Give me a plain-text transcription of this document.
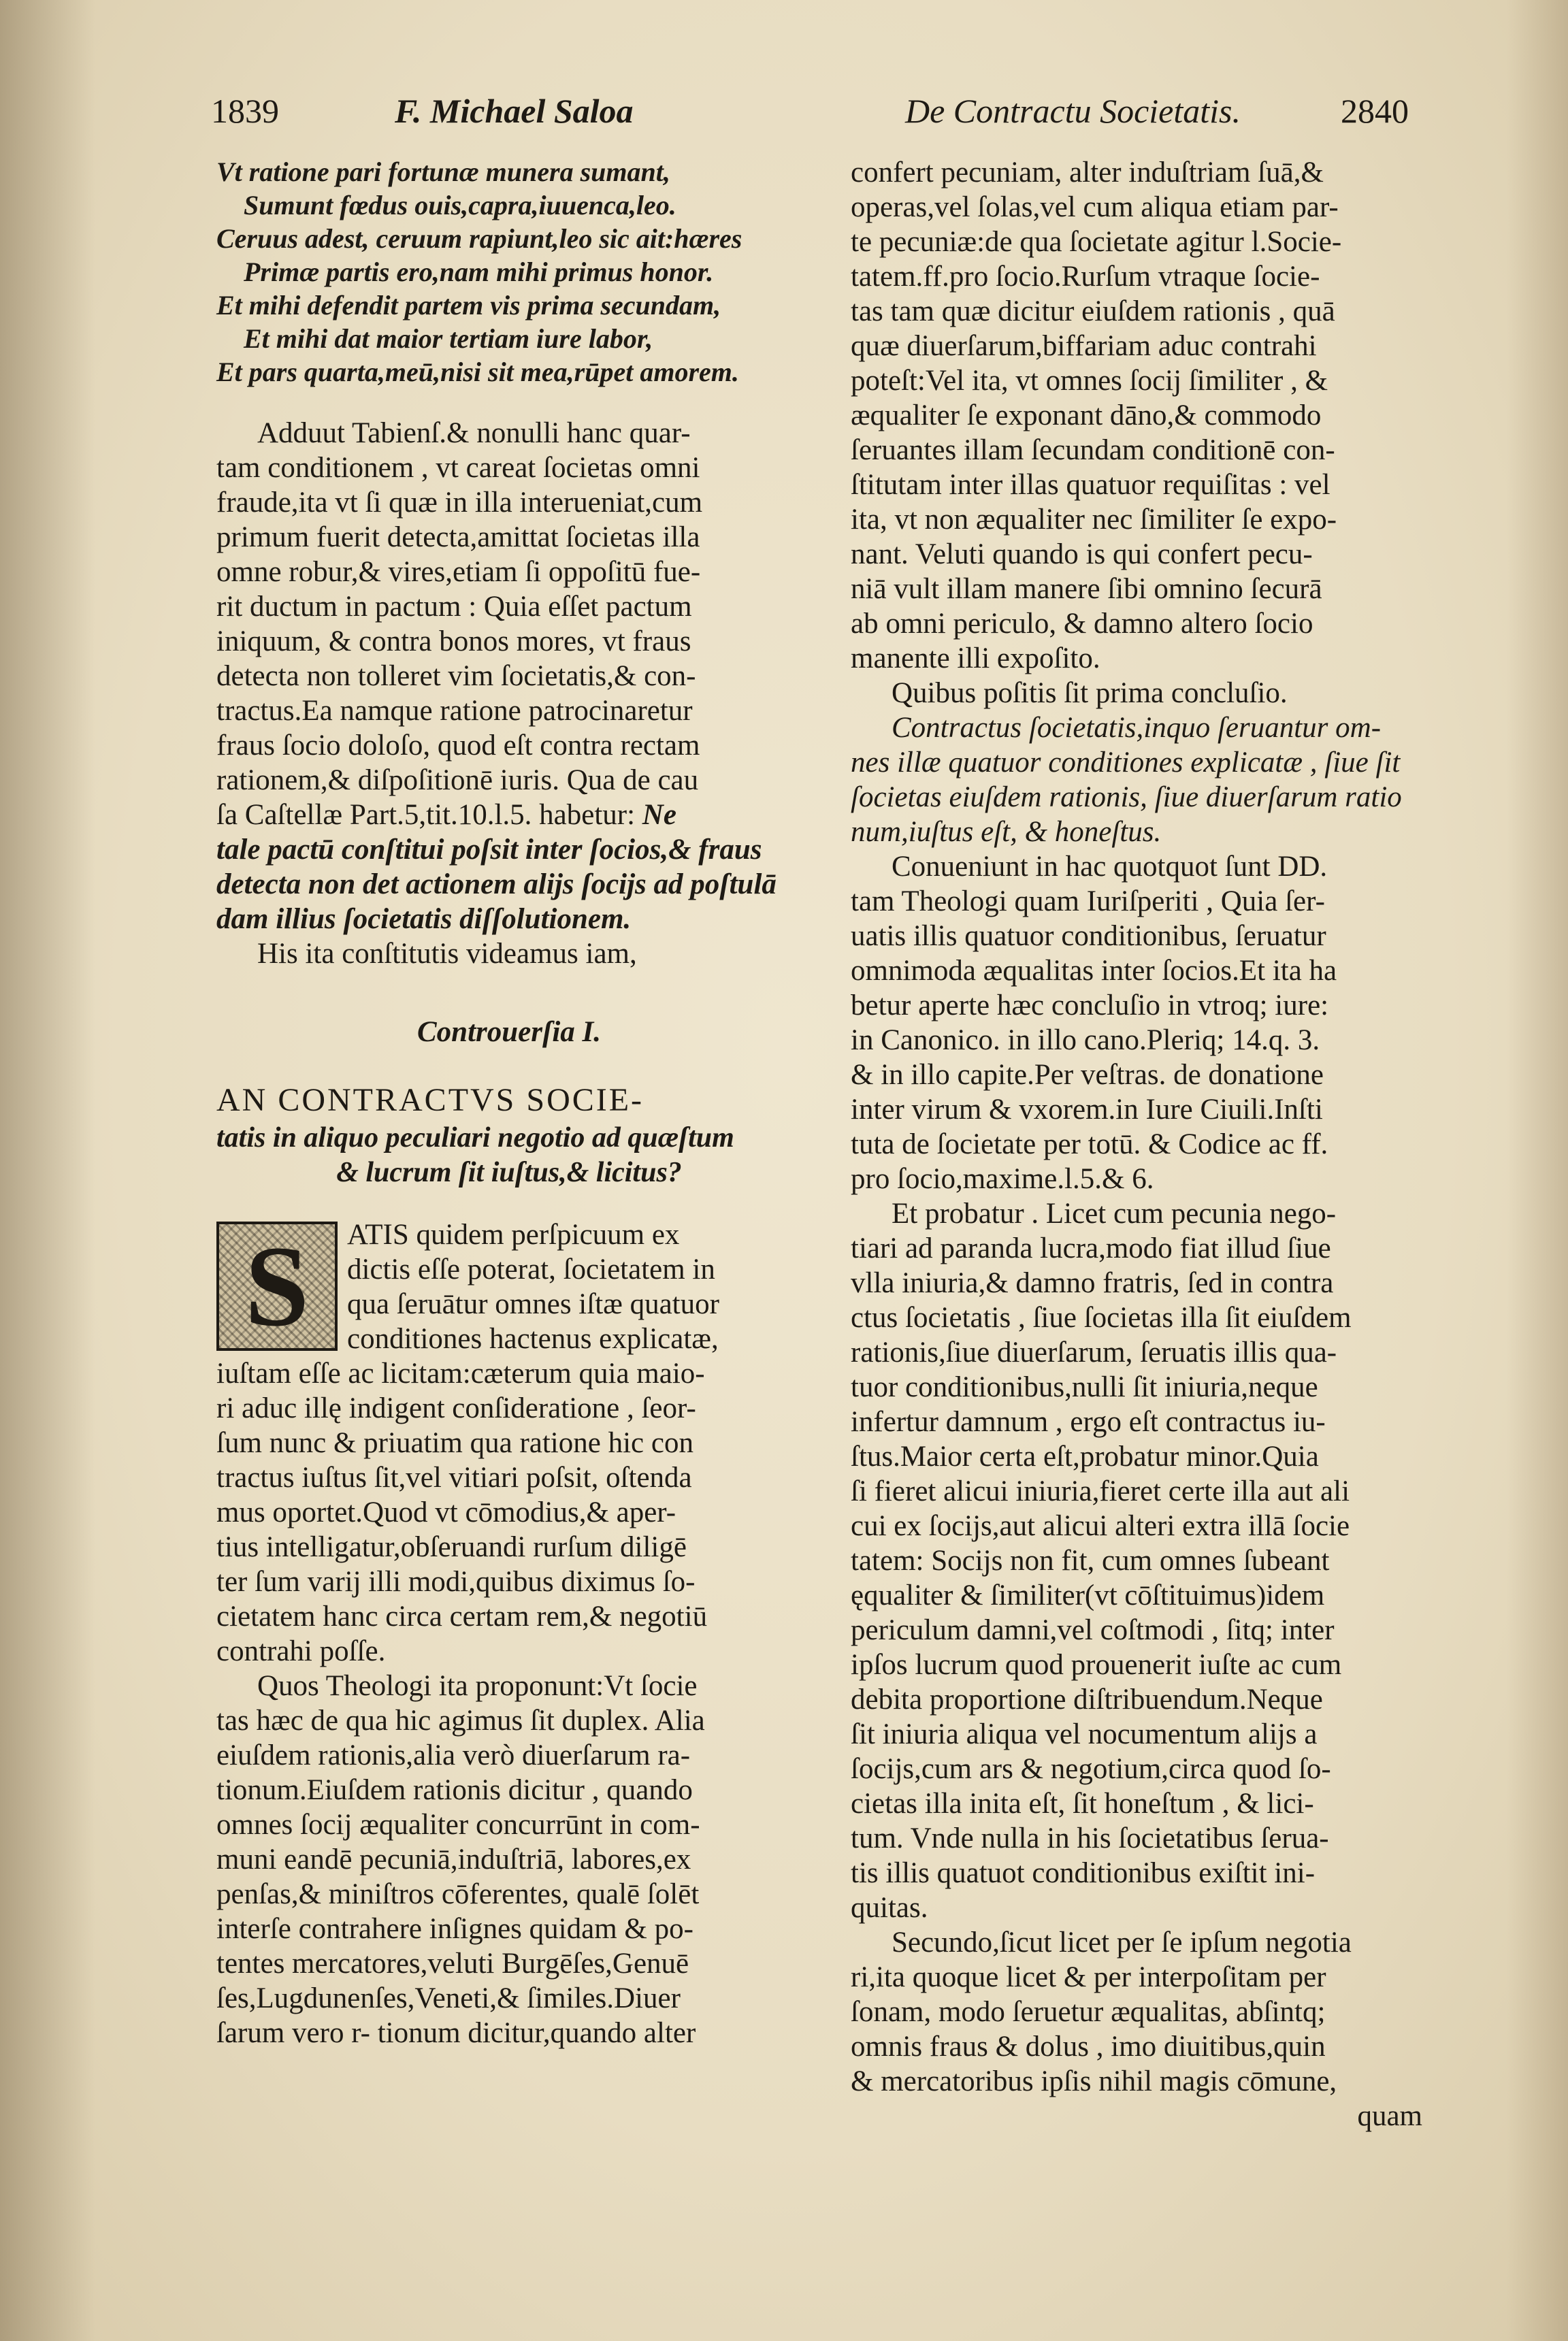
1839	F. Michael Saloa	De Contractu Societatis.	2840
Vt ratione pari fortunæ munera sumant,
Sumunt fœdus ouis,capra,iuuenca,leo.
Ceruus adest, ceruum rapiunt,leo sic ait:hæres
Primæ partis ero,nam mihi primus honor.
Et mihi defendit partem vis prima secundam,
Et mihi dat maior tertiam iure labor,
Et pars quarta,meū,nisi sit mea,rūpet amorem.
Adduut Tabienſ.& nonulli hanc quar-
tam conditionem , vt careat ſocietas omni
fraude,ita vt ſi quæ in illa interueniat,cum
primum fuerit detecta,amittat ſocietas illa
omne robur,& vires,etiam ſi oppoſitū fue-
rit ductum in pactum : Quia eſſet pactum
iniquum, & contra bonos mores, vt fraus
detecta non tolleret vim ſocietatis,& con-
tractus.Ea namque ratione patrocinaretur
fraus ſocio doloſo, quod eſt contra rectam
rationem,& diſpoſitionē iuris. Qua de cau
ſa Caſtellæ Part.5,tit.10.l.5. habetur: Ne
tale pactū conſtitui poſsit inter ſocios,& fraus
detecta non det actionem alijs ſocijs ad poſtulā
dam illius ſocietatis diſſolutionem.
His ita conſtitutis videamus iam,
Controuerſia I.
AN CONTRACTVS SOCIE-
tatis in aliquo peculiari negotio ad quæſtum
& lucrum ſit iuſtus,& licitus?
S	ATIS quidem perſpicuum ex
dictis eſſe poterat, ſocietatem in
qua ſeruātur omnes iſtæ quatuor
conditiones hactenus explicatæ,
iuſtam eſſe ac licitam:cæterum quia maio-
ri aduc illę indigent conſideratione , ſeor-
ſum nunc & priuatim qua ratione hic con
tractus iuſtus ſit,vel vitiari poſsit, oſtenda
mus oportet.Quod vt cōmodius,& aper-
tius intelligatur,obſeruandi rurſum diligē
ter ſum varij illi modi,quibus diximus ſo-
cietatem hanc circa certam rem,& negotiū
contrahi poſſe.
Quos Theologi ita proponunt:Vt ſocie
tas hæc de qua hic agimus ſit duplex. Alia
eiuſdem rationis,alia verò diuerſarum ra-
tionum.Eiuſdem rationis dicitur , quando
omnes ſocij æqualiter concurrūnt in com-
muni eandē pecuniā,induſtriā, labores,ex
penſas,& miniſtros cōferentes, qualē ſolēt
interſe contrahere inſignes quidam & po-
tentes mercatores,veluti Burgēſes,Genuē
ſes,Lugdunenſes,Veneti,& ſimiles.Diuer
ſarum vero r- tionum dicitur,quando alter
confert pecuniam, alter induſtriam ſuā,&
operas,vel ſolas,vel cum aliqua etiam par-
te pecuniæ:de qua ſocietate agitur l.Socie-
tatem.ff.pro ſocio.Rurſum vtraque ſocie-
tas tam quæ dicitur eiuſdem rationis , quā
quæ diuerſarum,biffariam aduc contrahi
poteſt:Vel ita, vt omnes ſocij ſimiliter , &
æqualiter ſe exponant dāno,& commodo
ſeruantes illam ſecundam conditionē con-
ſtitutam inter illas quatuor requiſitas : vel
ita, vt non æqualiter nec ſimiliter ſe expo-
nant. Veluti quando is qui confert pecu-
niā vult illam manere ſibi omnino ſecurā
ab omni periculo, & damno altero ſocio
manente illi expoſito.
Quibus poſitis ſit prima concluſio.
Contractus ſocietatis,inquo ſeruantur om-
nes illæ quatuor conditiones explicatæ , ſiue ſit
ſocietas eiuſdem rationis, ſiue diuerſarum ratio
num,iuſtus eſt, & honeſtus.
Conueniunt in hac quotquot ſunt DD.
tam Theologi quam Iuriſperiti , Quia ſer-
uatis illis quatuor conditionibus, ſeruatur
omnimoda æqualitas inter ſocios.Et ita ha
betur aperte hæc concluſio in vtroq; iure:
in Canonico. in illo cano.Pleriq; 14.q. 3.
& in illo capite.Per veſtras. de donatione
inter virum & vxorem.in Iure Ciuili.Inſti
tuta de ſocietate per totū. & Codice ac ff.
pro ſocio,maxime.l.5.& 6.
Et probatur . Licet cum pecunia nego-
tiari ad paranda lucra,modo fiat illud ſiue
vlla iniuria,& damno fratris, ſed in contra
ctus ſocietatis , ſiue ſocietas illa ſit eiuſdem
rationis,ſiue diuerſarum, ſeruatis illis qua-
tuor conditionibus,nulli ſit iniuria,neque
infertur damnum , ergo eſt contractus iu-
ſtus.Maior certa eſt,probatur minor.Quia
ſi fieret alicui iniuria,fieret certe illa aut ali
cui ex ſocijs,aut alicui alteri extra illā ſocie
tatem: Socijs non fit, cum omnes ſubeant
ęqualiter & ſimiliter(vt cōſtituimus)idem
periculum damni,vel coſtmodi , ſitq; inter
ipſos lucrum quod prouenerit iuſte ac cum
debita proportione diſtribuendum.Neque
ſit iniuria aliqua vel nocumentum alijs a
ſocijs,cum ars & negotium,circa quod ſo-
cietas illa inita eſt, ſit honeſtum , & lici-
tum. Vnde nulla in his ſocietatibus ſerua-
tis illis quatuot conditionibus exiſtit ini-
quitas.
Secundo,ſicut licet per ſe ipſum negotia
ri,ita quoque licet & per interpoſitam per
ſonam, modo ſeruetur æqualitas, abſintq;
omnis fraus & dolus , imo diuitibus,quin
& mercatoribus ipſis nihil magis cōmune,
quam
